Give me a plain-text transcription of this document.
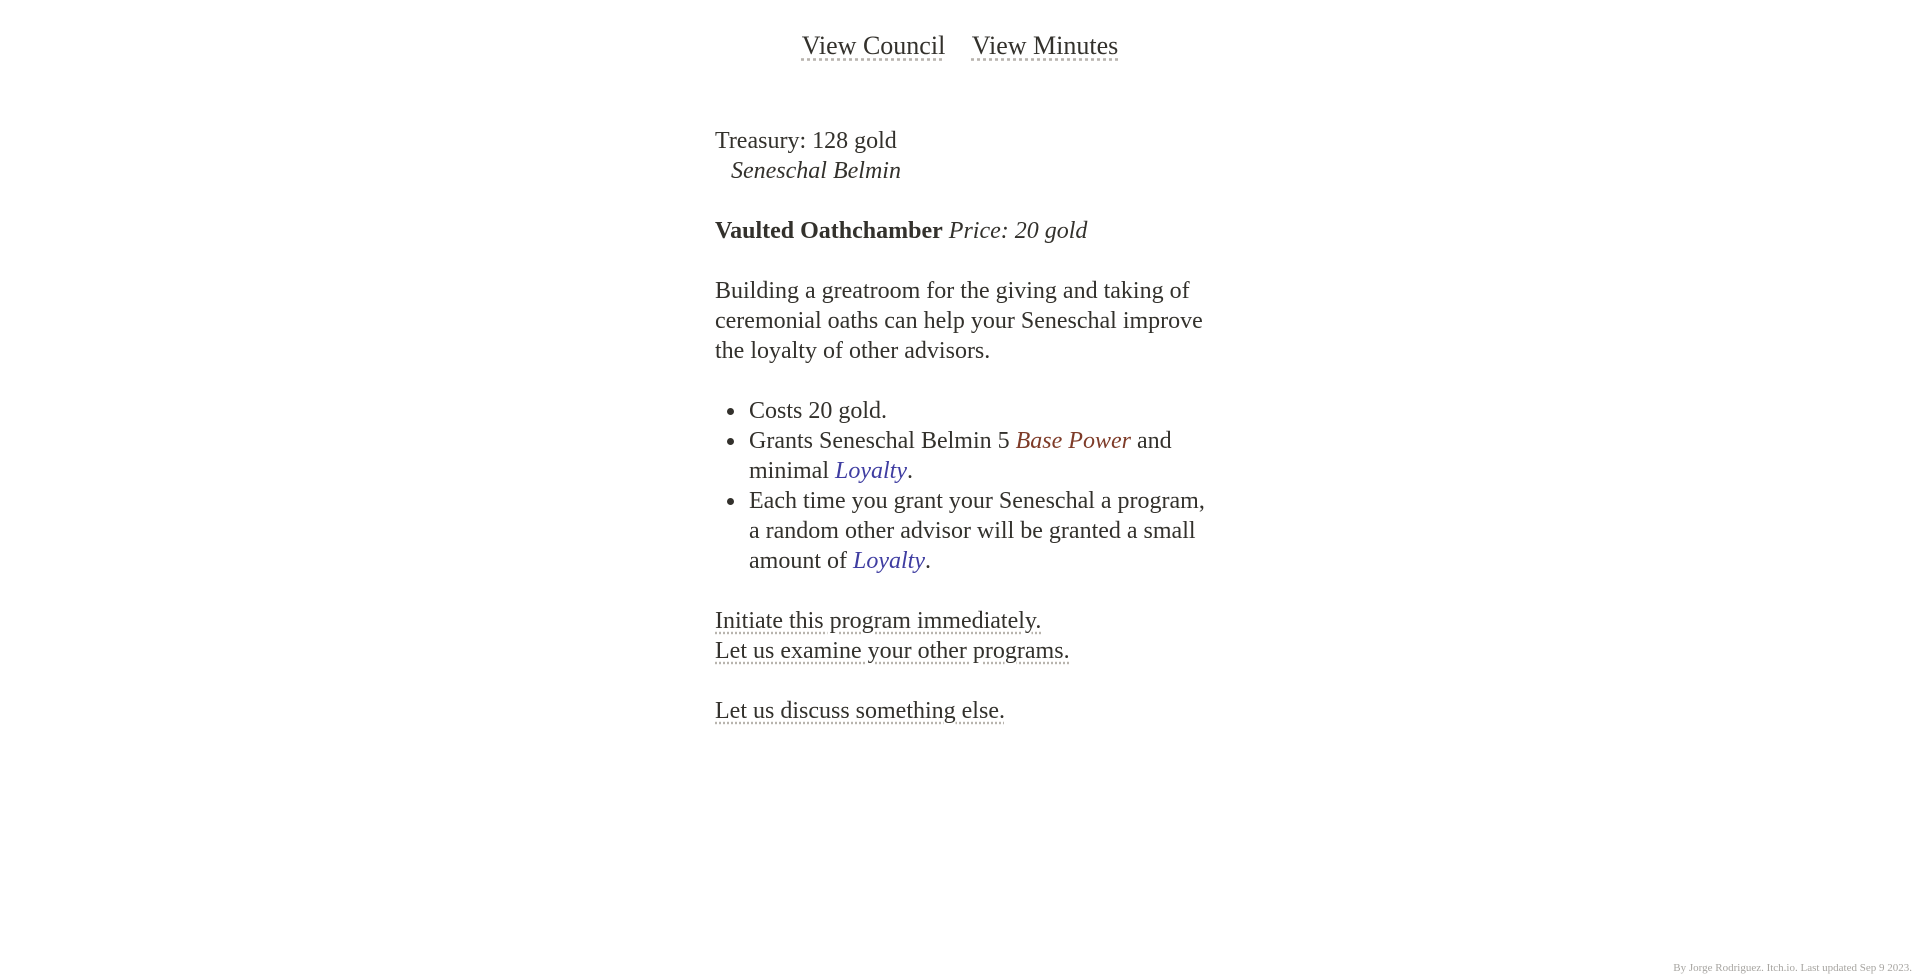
View Council View Minutes

Treasury: 128 gold
Seneschal Belmin

Vaulted Oathchamber Price: 20 gold

Building a greatroom for the giving and taking of ceremonial oaths can help your Seneschal improve the loyalty of other advisors.

• Costs 20 gold.
• Grants Seneschal Belmin 5 Base Power and minimal Loyalty.
• Each time you grant your Seneschal a program, a random other advisor will be granted a small amount of Loyalty.

Initiate this program immediately.
Let us examine your other programs.

Let us discuss something else.

By Jorge Rodriguez. Itch.io. Last updated Sep 9 2023.
